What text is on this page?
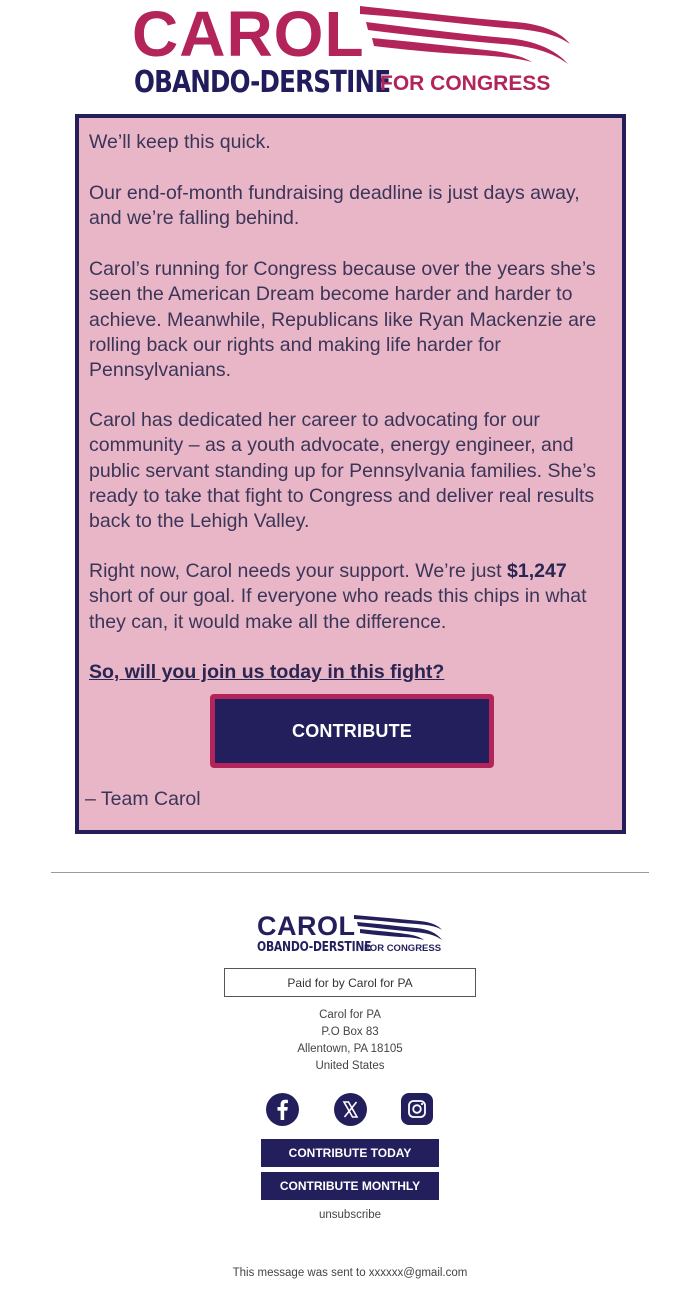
CAROL
OBANDO-DERSTINE
FOR CONGRESS

We’ll keep this quick.

Our end-of-month fundraising deadline is just days away, and we’re falling behind.

Carol’s running for Congress because over the years she’s seen the American Dream become harder and harder to achieve. Meanwhile, Republicans like Ryan Mackenzie are rolling back our rights and making life harder for Pennsylvanians.

Carol has dedicated her career to advocating for our community – as a youth advocate, energy engineer, and public servant standing up for Pennsylvania families. She’s ready to take that fight to Congress and deliver real results back to the Lehigh Valley.

Right now, Carol needs your support. We’re just $1,247 short of our goal. If everyone who reads this chips in what they can, it would make all the difference.

So, will you join us today in this fight?

CONTRIBUTE

– Team Carol

CAROL
OBANDO-DERSTINE
FOR CONGRESS
Paid for by Carol for PA
Carol for PA
P.O Box 83
Allentown, PA 18105
United States
CONTRIBUTE TODAY
CONTRIBUTE MONTHLY
unsubscribe
This message was sent to xxxxxx@gmail.com
